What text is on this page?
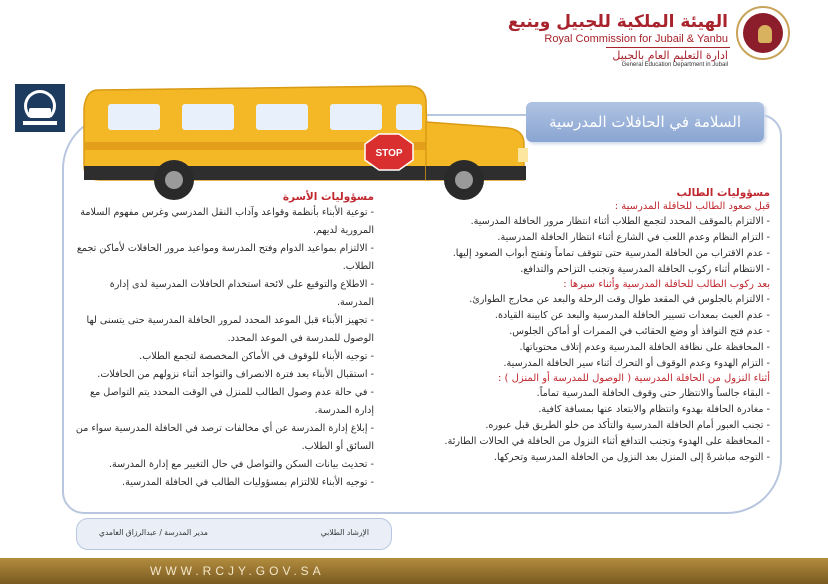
الهيئة الملكية للجبيل وينبع
Royal Commission for Jubail & Yanbu
ادارة التعليم العام بالجبيل
General Education Department in Jubail
STOP
السلامة في الحافلات المدرسية
مسؤوليات الطالب
قبل صعود الطالب للحافلة المدرسية :
- الالتزام بالموقف المحدد لتجمع الطلاب أثناء انتظار مرور الحافلة المدرسية.
- التزام النظام وعدم اللعب في الشارع أثناء انتظار الحافلة المدرسية.
- عدم الاقتراب من الحافلة المدرسية حتى تتوقف تماماً وتفتح أبواب الصعود إليها.
- الانتظام أثناء ركوب الحافلة المدرسية وتجنب التزاحم والتدافع.
بعد ركوب الطالب للحافلة المدرسية وأثناء سيرها :
- الالتزام بالجلوس في المقعد طوال وقت الرحلة والبعد عن مخارج الطوارئ.
- عدم العبث بمعدات تسيير الحافلة المدرسية والبعد عن كابينة القيادة.
- عدم فتح النوافذ أو وضع الحقائب في الممرات أو أماكن الجلوس.
- المحافظة على نظافة الحافلة المدرسية وعدم إتلاف محتوياتها.
- التزام الهدوء وعدم الوقوف أو التحرك أثناء سير الحافلة المدرسية.
أثناء النزول من الحافلة المدرسية ( الوصول للمدرسة أو المنزل ) :
- البقاء جالساً والانتظار حتى وقوف الحافلة المدرسية تماماً.
- مغادرة الحافلة بهدوء وانتظام والابتعاد عنها بمسافة كافية.
- تجنب العبور أمام الحافلة المدرسية والتأكد من خلو الطريق قبل عبوره.
- المحافظة على الهدوء وتجنب التدافع أثناء النزول من الحافلة في الحالات الطارئة.
- التوجه مباشرةً إلى المنزل بعد النزول من الحافلة المدرسية وتحركها.
مسؤوليات الأسرة
- توعية الأبناء بأنظمة وقواعد وآداب النقل المدرسي وغرس مفهوم السلامة المرورية لديهم.
- الالتزام بمواعيد الدوام وفتح المدرسة ومواعيد مرور الحافلات لأماكن تجمع الطلاب.
- الاطلاع والتوقيع على لائحة استخدام الحافلات المدرسية لدى إدارة المدرسة.
- تجهيز الأبناء قبل الموعد المحدد لمرور الحافلة المدرسية حتى يتسنى لها الوصول للمدرسة في الموعد المحدد.
- توجيه الأبناء للوقوف في الأماكن المخصصة لتجمع الطلاب.
- استقبال الأبناء بعد فترة الانصراف والتواجد أثناء نزولهم من الحافلات.
- في حالة عدم وصول الطالب للمنزل في الوقت المحدد يتم التواصل مع إدارة المدرسة.
- إبلاغ إدارة المدرسة عن أي مخالفات ترصد في الحافلة المدرسية سواء من السائق أو الطلاب.
- تحديث بيانات السكن والتواصل في حال التغيير مع إدارة المدرسة.
- توجيه الأبناء للالتزام بمسؤوليات الطالب في الحافلة المدرسية.
الإرشاد الطلابي
مدير المدرسة / عبدالرزاق الغامدي
WWW.RCJY.GOV.SA
